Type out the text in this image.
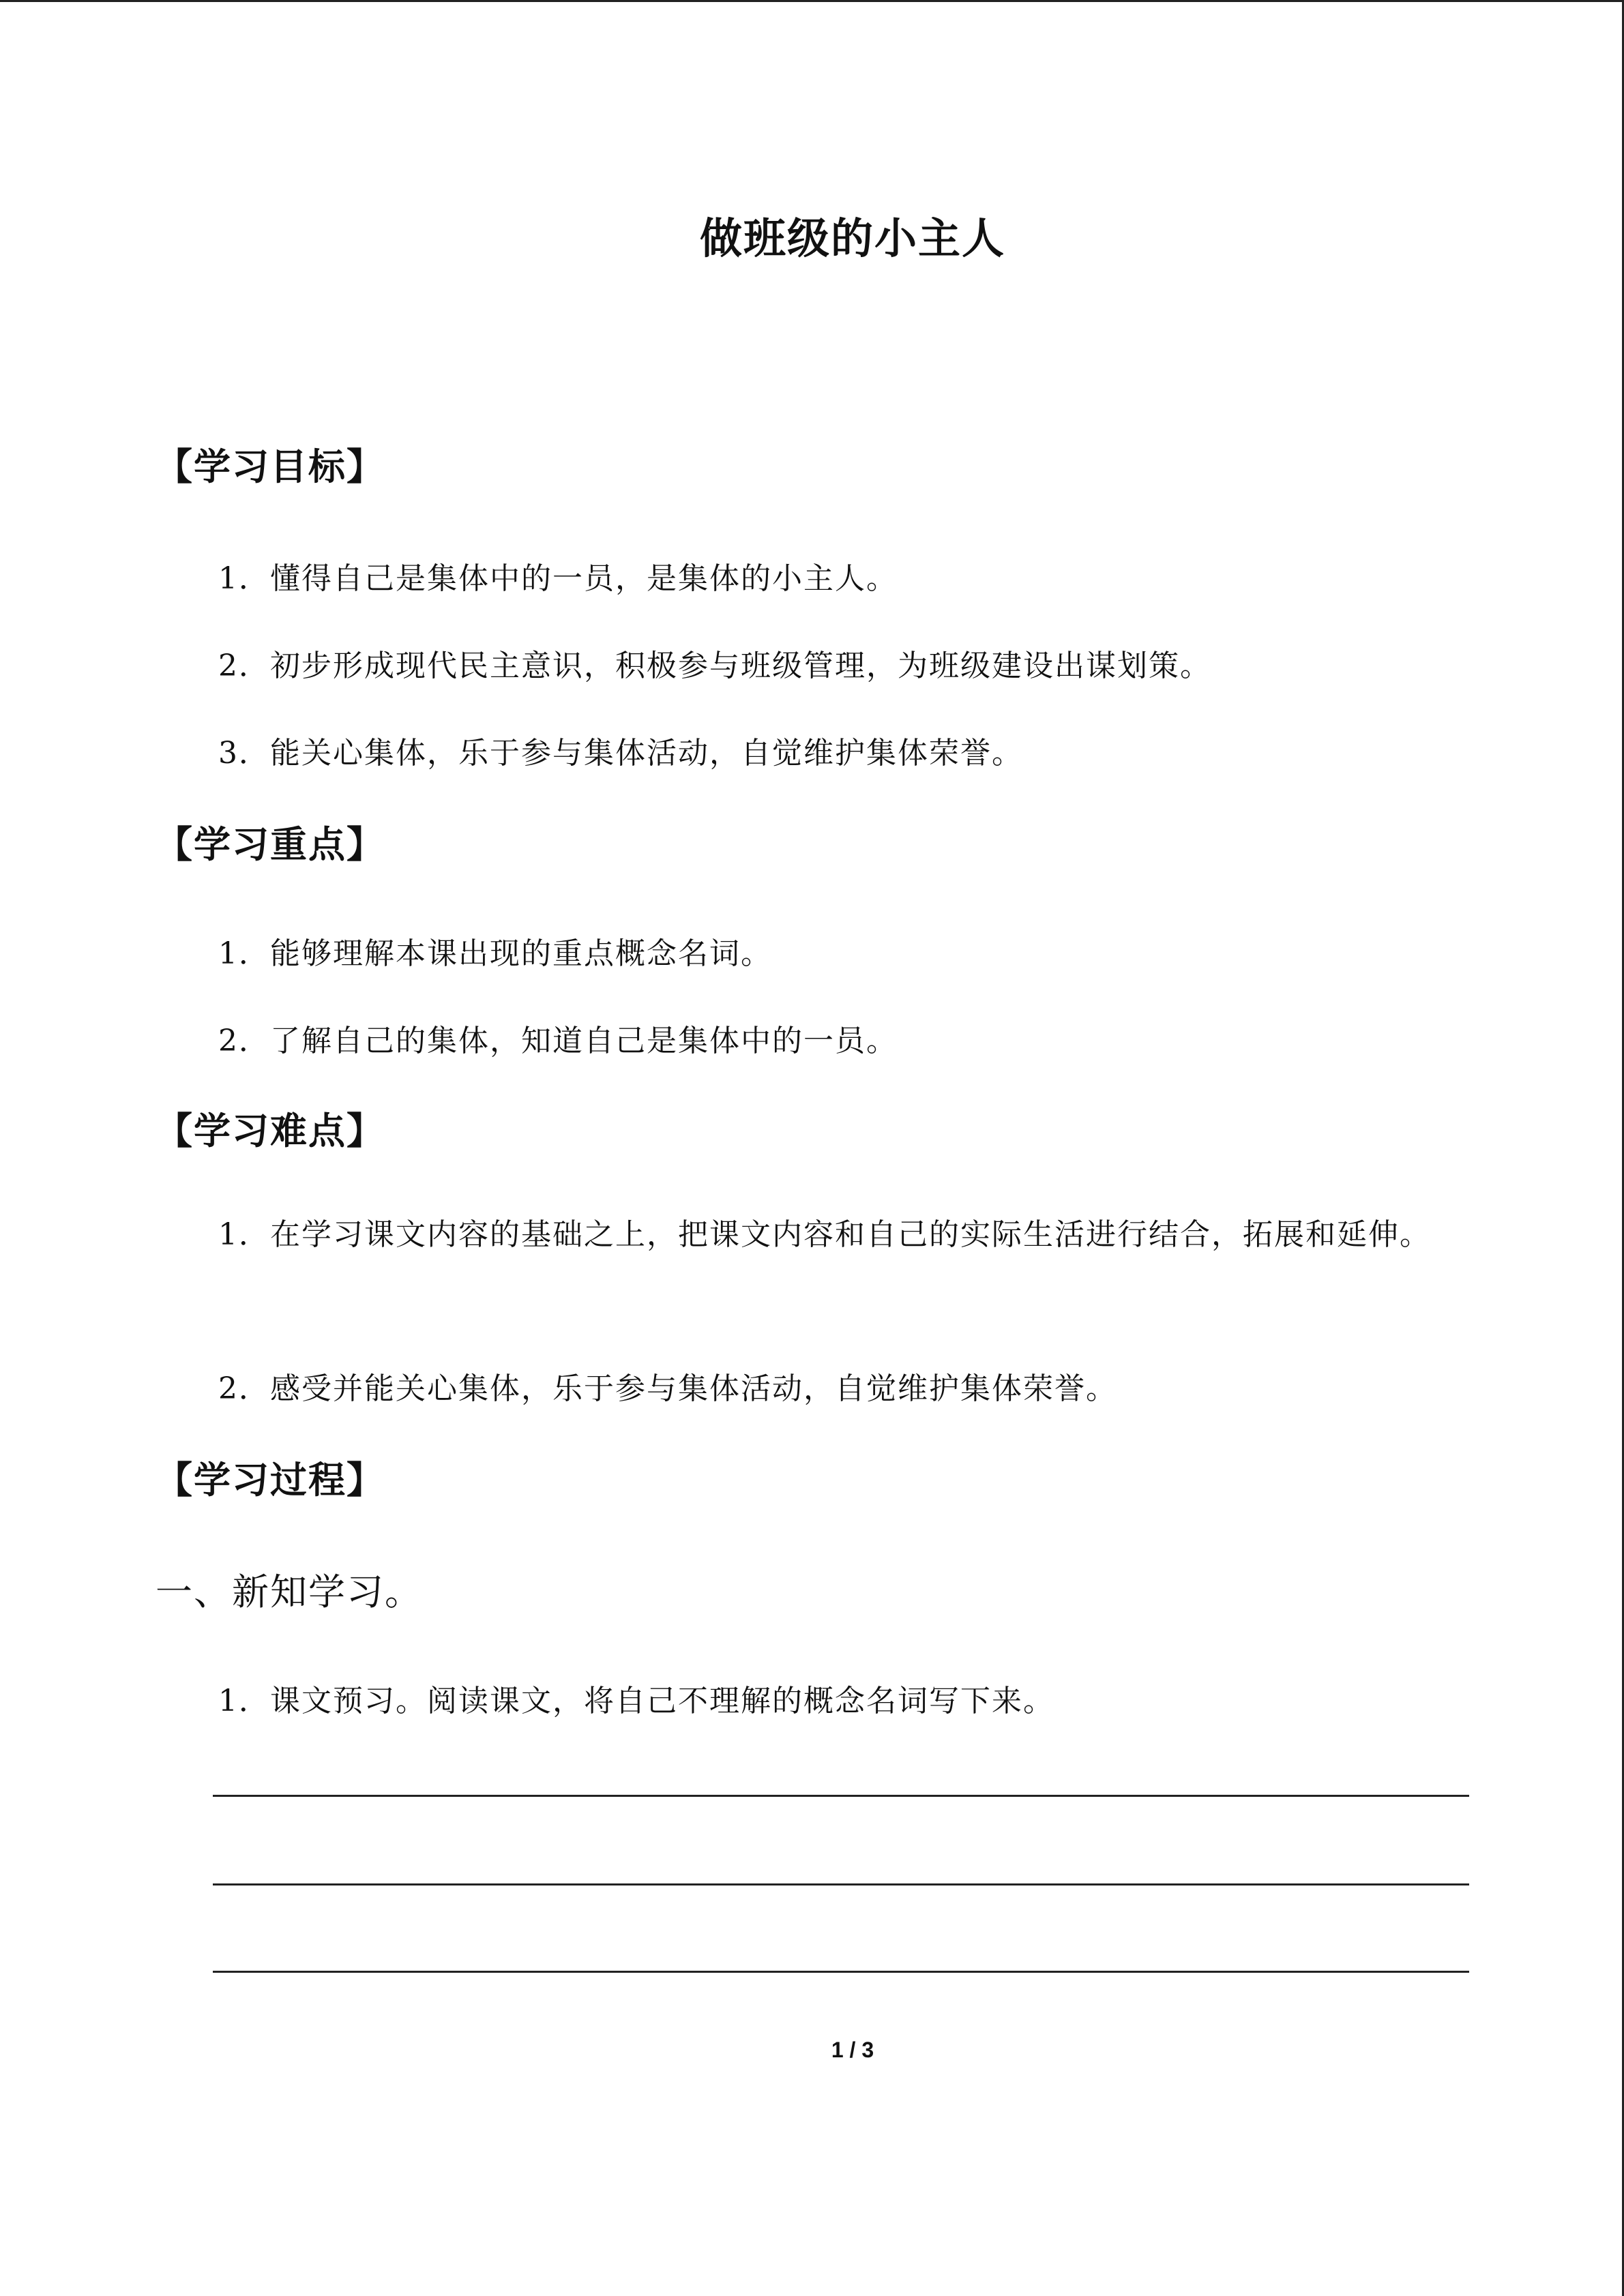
做班级的小主人
【学习目标】
1．懂得自己是集体中的一员，是集体的小主人。
2．初步形成现代民主意识，积极参与班级管理，为班级建设出谋划策。
3．能关心集体，乐于参与集体活动，自觉维护集体荣誉。
【学习重点】
1．能够理解本课出现的重点概念名词。
2．了解自己的集体，知道自己是集体中的一员。
【学习难点】
1．在学习课文内容的基础之上，把课文内容和自己的实际生活进行结合，拓展和延伸。
2．感受并能关心集体，乐于参与集体活动，自觉维护集体荣誉。
【学习过程】
一、新知学习。
1．课文预习。阅读课文，将自己不理解的概念名词写下来。
1 / 3
